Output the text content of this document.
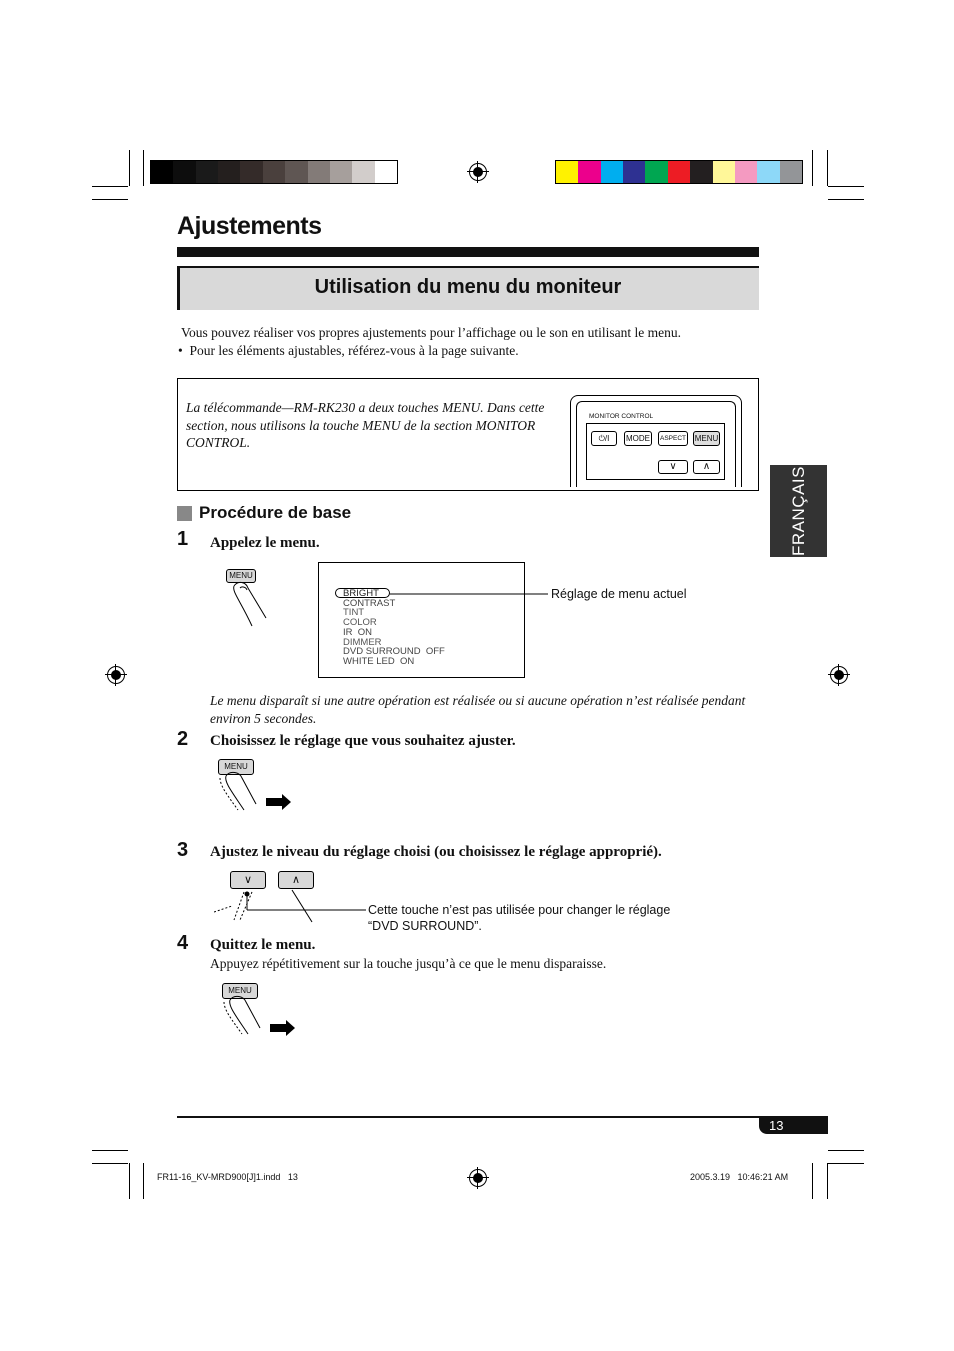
Ajustements
Utilisation du menu du moniteur
Vous pouvez réaliser vos propres ajustements pour l’affichage ou le son en utilisant le menu.
•  Pour les éléments ajustables, référez-vous à la page suivante.
La télécommande—RM-RK230 a deux touches MENU. Dans cette section, nous utilisons la touche MENU de la section MONITOR CONTROL.
MONITOR CONTROL
⏻/I	MODE	ASPECT MENU
∨	∧	FRANÇAIS
Procédure de base
1 Appelez le menu.
MENU
BRIGHT
CONTRAST
TINT
COLOR
IR  ON
DIMMER
DVD SURROUND  OFF
WHITE LED  ON
Réglage de menu actuel
Le menu disparaît si une autre opération est réalisée ou si aucune opération n’est réalisée pendant environ 5 secondes.
2 Choisissez le réglage que vous souhaitez ajuster.
MENU
3 Ajustez le niveau du réglage choisi (ou choisissez le réglage approprié).
∨	∧
Cette touche n’est pas utilisée pour changer le réglage
“DVD SURROUND”.
4 Quittez le menu.
Appuyez répétitivement sur la touche jusqu’à ce que le menu disparaisse.
MENU
13
FR11-16_KV-MRD900[J]1.indd   13	2005.3.19   10:46:21 AM
